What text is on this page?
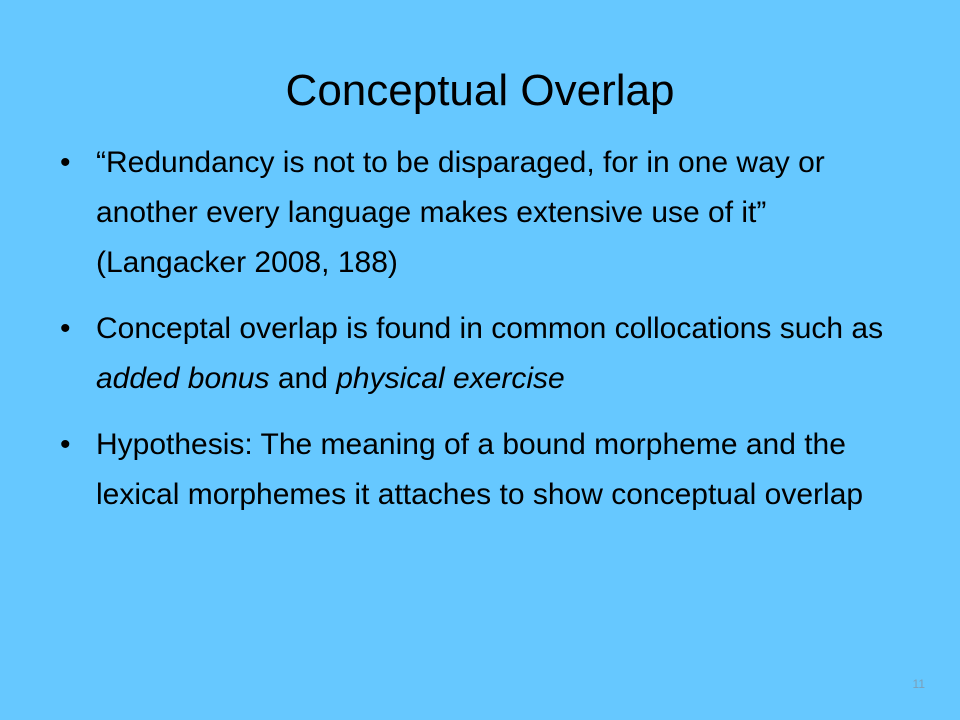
Conceptual Overlap
• “Redundancy is not to be disparaged, for in one way or another every language makes extensive use of it” (Langacker 2008, 188)
• Conceptal overlap is found in common collocations such as added bonus and physical exercise
• Hypothesis: The meaning of a bound morpheme and the lexical morphemes it attaches to show conceptual overlap
11
